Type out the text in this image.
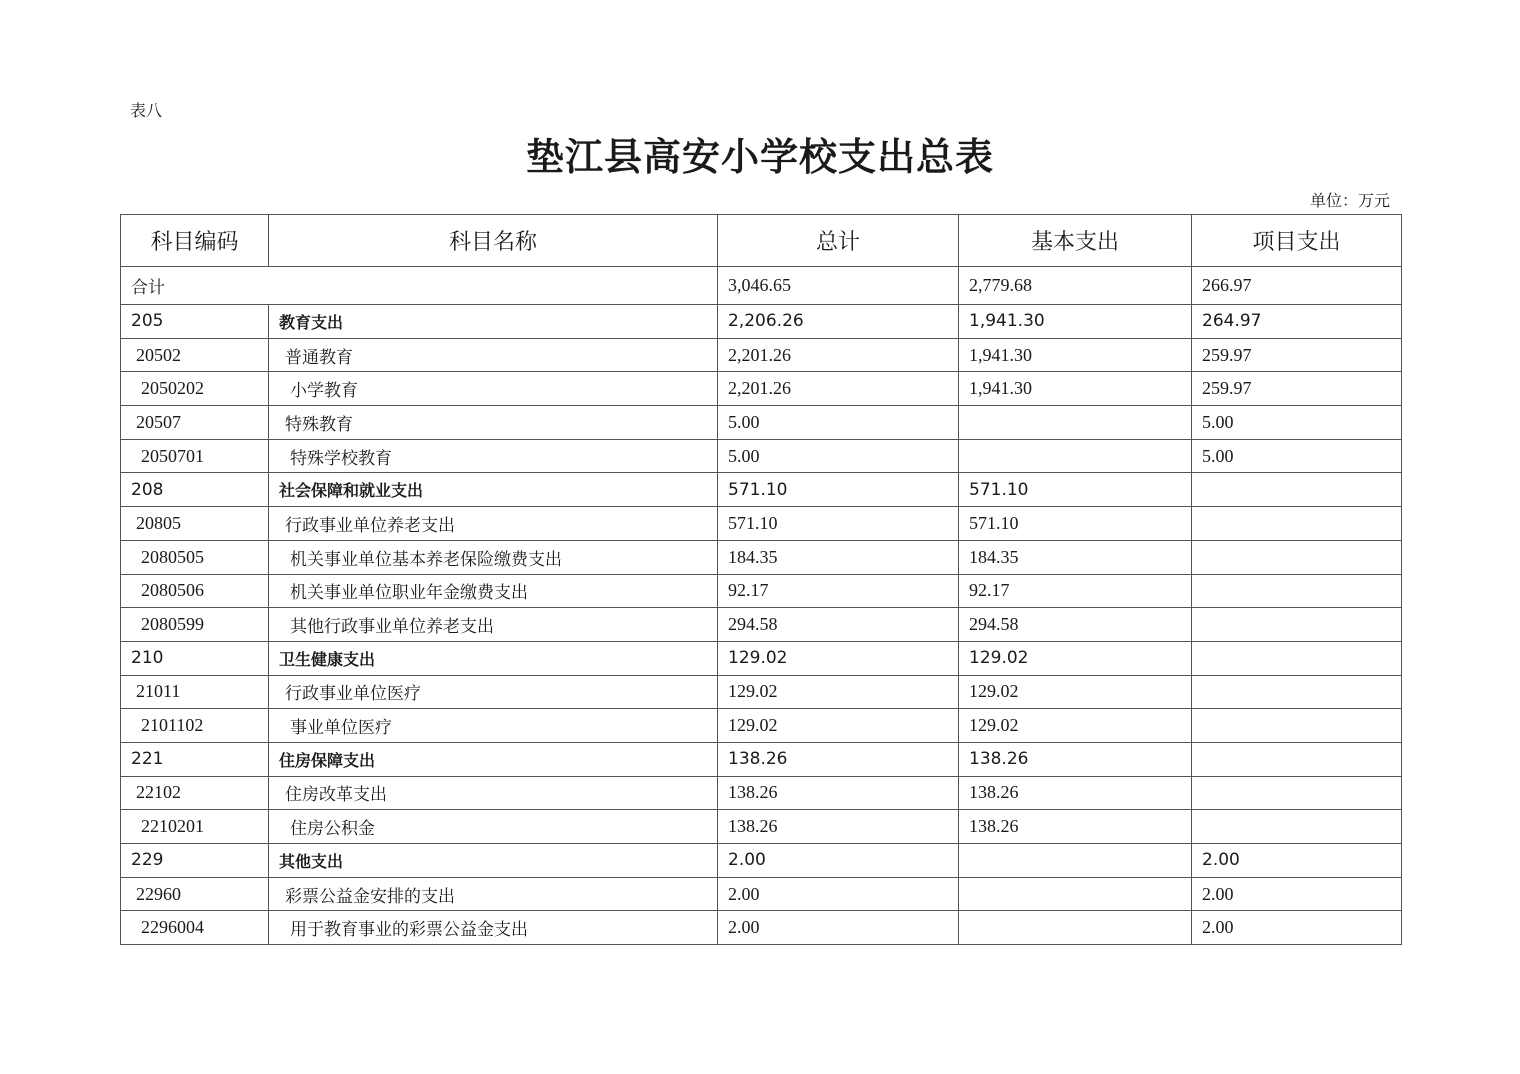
表八
垫江县高安小学校支出总表
单位：万元
科目编码	科目名称	总计	基本支出	项目支出
合计		3,046.65	2,779.68	266.97
205	教育支出	2,206.26	1,941.30	264.97
20502	普通教育	2,201.26	1,941.30	259.97
2050202	小学教育	2,201.26	1,941.30	259.97
20507	特殊教育	5.00		5.00
2050701	特殊学校教育	5.00		5.00
208	社会保障和就业支出	571.10	571.10	
20805	行政事业单位养老支出	571.10	571.10	
2080505	机关事业单位基本养老保险缴费支出	184.35	184.35	
2080506	机关事业单位职业年金缴费支出	92.17	92.17	
2080599	其他行政事业单位养老支出	294.58	294.58	
210	卫生健康支出	129.02	129.02	
21011	行政事业单位医疗	129.02	129.02	
2101102	事业单位医疗	129.02	129.02	
221	住房保障支出	138.26	138.26	
22102	住房改革支出	138.26	138.26	
2210201	住房公积金	138.26	138.26	
229	其他支出	2.00		2.00
22960	彩票公益金安排的支出	2.00		2.00
2296004	用于教育事业的彩票公益金支出	2.00		2.00
